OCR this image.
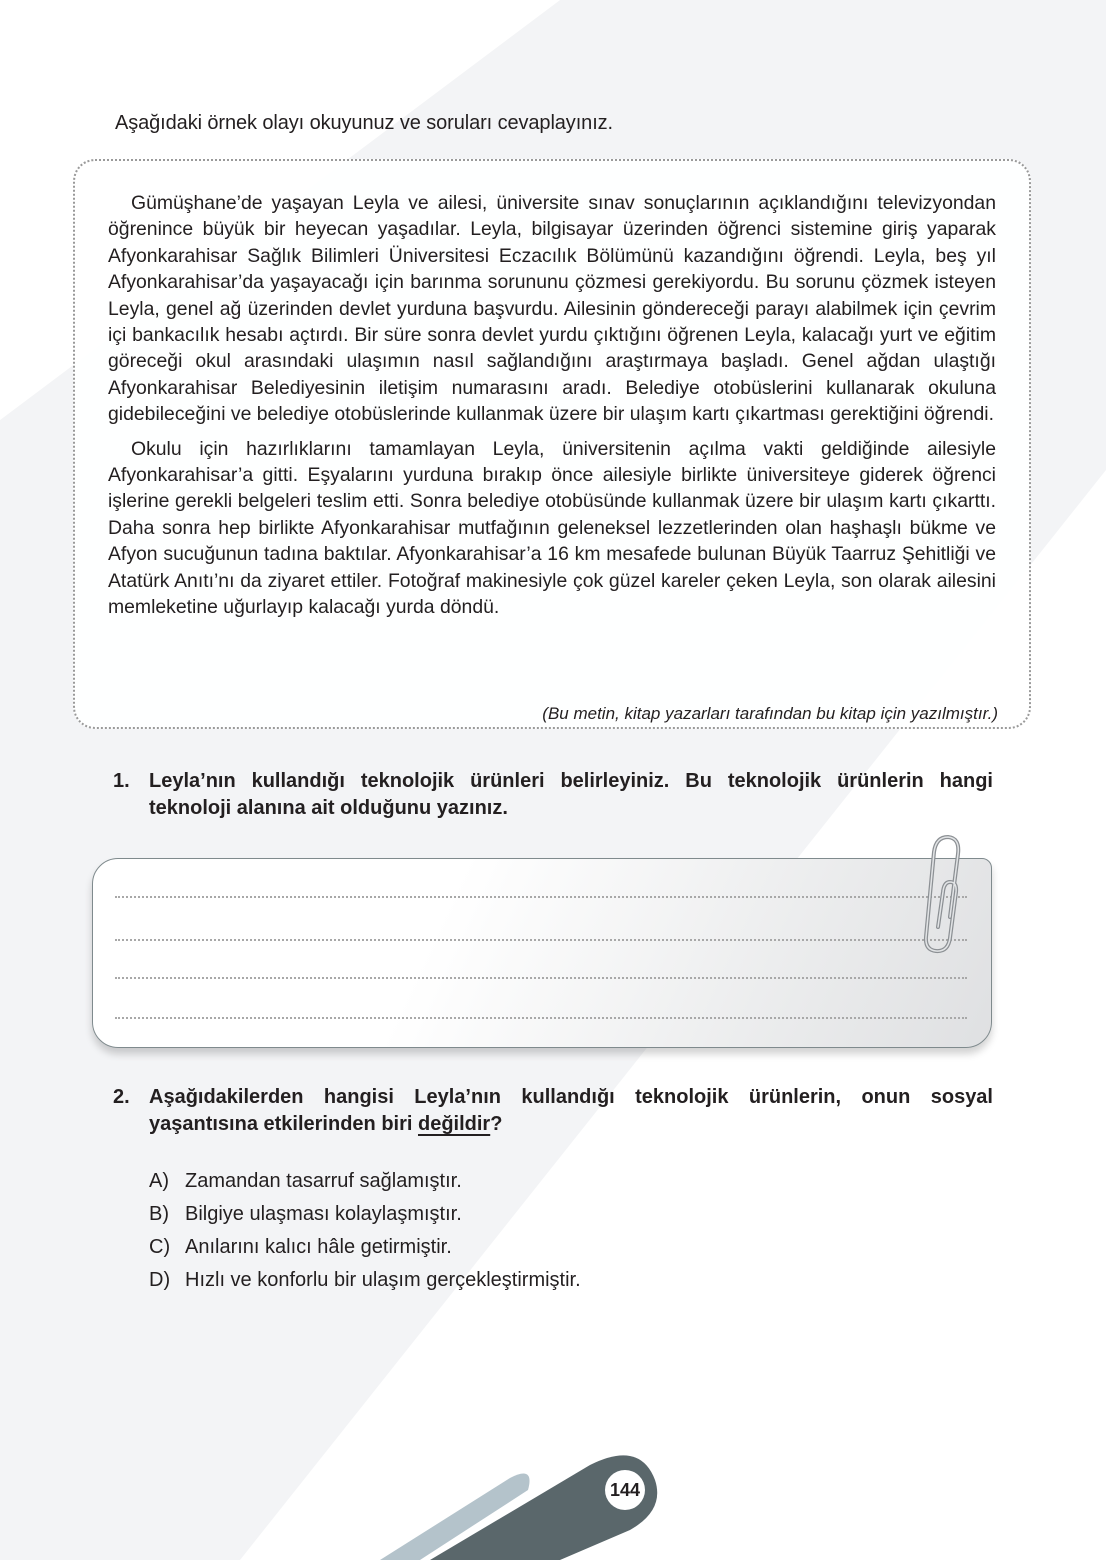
Aşağıdaki örnek olayı okuyunuz ve soruları cevaplayınız.

Gümüşhane’de yaşayan Leyla ve ailesi, üniversite sınav sonuçlarının açıklandığını televizyondan öğrenince büyük bir heyecan yaşadılar. Leyla, bilgisayar üzerinden öğrenci sistemine giriş yaparak Afyonkarahisar Sağlık Bilimleri Üniversitesi Eczacılık Bölümünü kazandığını öğrendi. Leyla, beş yıl Afyonkarahisar’da yaşayacağı için barınma sorununu çözmesi gerekiyordu. Bu sorunu çözmek isteyen Leyla, genel ağ üzerinden devlet yurduna başvurdu. Ailesinin göndereceği parayı alabilmek için çevrim içi bankacılık hesabı açtırdı. Bir süre sonra devlet yurdu çıktığını öğrenen Leyla, kalacağı yurt ve eğitim göreceği okul arasındaki ulaşımın nasıl sağlandığını araştırmaya başladı. Genel ağdan ulaştığı Afyonkarahisar Belediyesinin iletişim numarasını aradı. Belediye otobüslerini kullanarak okuluna gidebileceğini ve belediye otobüslerinde kullanmak üzere bir ulaşım kartı çıkartması gerektiğini öğrendi.

Okulu için hazırlıklarını tamamlayan Leyla, üniversitenin açılma vakti geldiğinde ailesiyle Afyonkarahisar’a gitti. Eşyalarını yurduna bırakıp önce ailesiyle birlikte üniversiteye giderek öğrenci işlerine gerekli belgeleri teslim etti. Sonra belediye otobüsünde kullanmak üzere bir ulaşım kartı çıkarttı. Daha sonra hep birlikte Afyonkarahisar mutfağının geleneksel lezzetlerinden olan haşhaşlı bükme ve Afyon sucuğunun tadına baktılar. Afyonkarahisar’a 16 km mesafede bulunan Büyük Taarruz Şehitliği ve Atatürk Anıtı’nı da ziyaret ettiler. Fotoğraf makinesiyle çok güzel kareler çeken Leyla, son olarak ailesini memleketine uğurlayıp kalacağı yurda döndü.

(Bu metin, kitap yazarları tarafından bu kitap için yazılmıştır.)
1. Leyla’nın kullandığı teknolojik ürünleri belirleyiniz. Bu teknolojik ürünlerin hangi teknoloji alanına ait olduğunu yazınız.
2. Aşağıdakilerden hangisi Leyla’nın kullandığı teknolojik ürünlerin, onun sosyal yaşantısına etkilerinden biri değildir?
A) Zamandan tasarruf sağlamıştır.
B) Bilgiye ulaşması kolaylaşmıştır.
C) Anılarını kalıcı hâle getirmiştir.
D) Hızlı ve konforlu bir ulaşım gerçekleştirmiştir.
144
